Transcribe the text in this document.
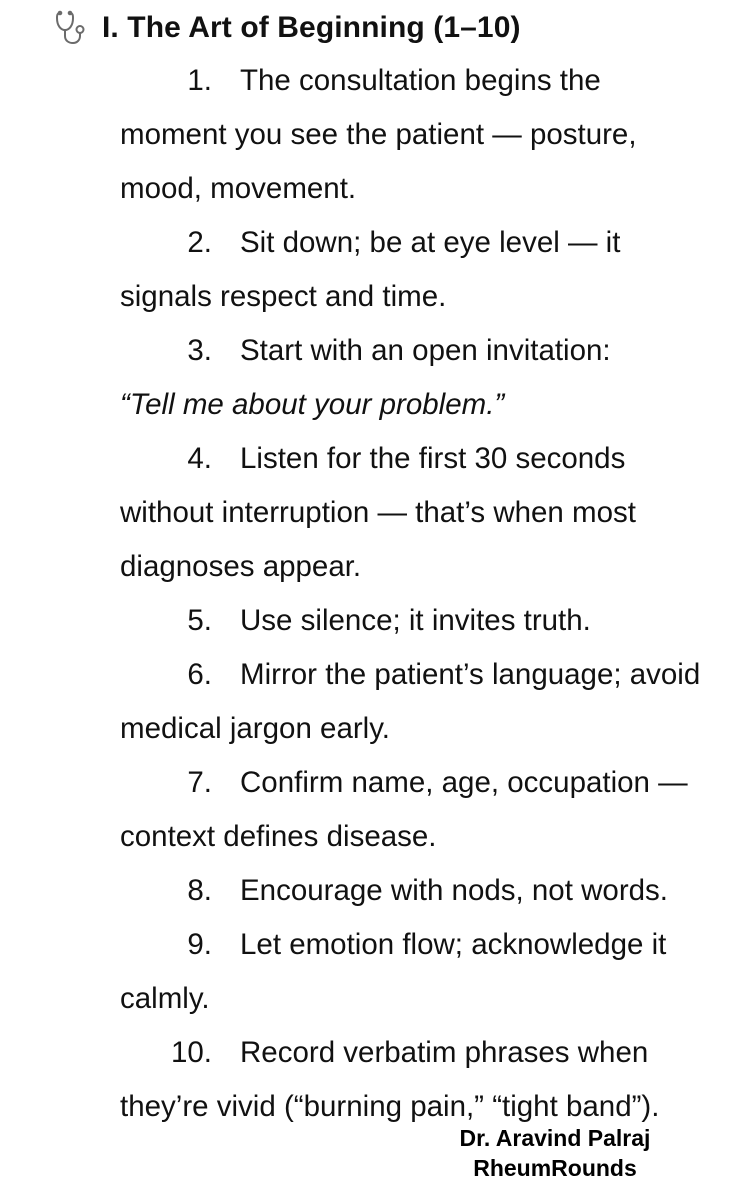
I. The Art of Beginning (1–10)

1. The consultation begins the moment you see the patient — posture, mood, movement.

2. Sit down; be at eye level — it signals respect and time.

3. Start with an open invitation:
“Tell me about your problem.”

4. Listen for the first 30 seconds without interruption — that’s when most diagnoses appear.

5. Use silence; it invites truth.

6. Mirror the patient’s language; avoid medical jargon early.

7. Confirm name, age, occupation — context defines disease.

8. Encourage with nods, not words.

9. Let emotion flow; acknowledge it calmly.

10. Record verbatim phrases when they’re vivid (“burning pain,” “tight band”).

Dr. Aravind Palraj
RheumRounds
